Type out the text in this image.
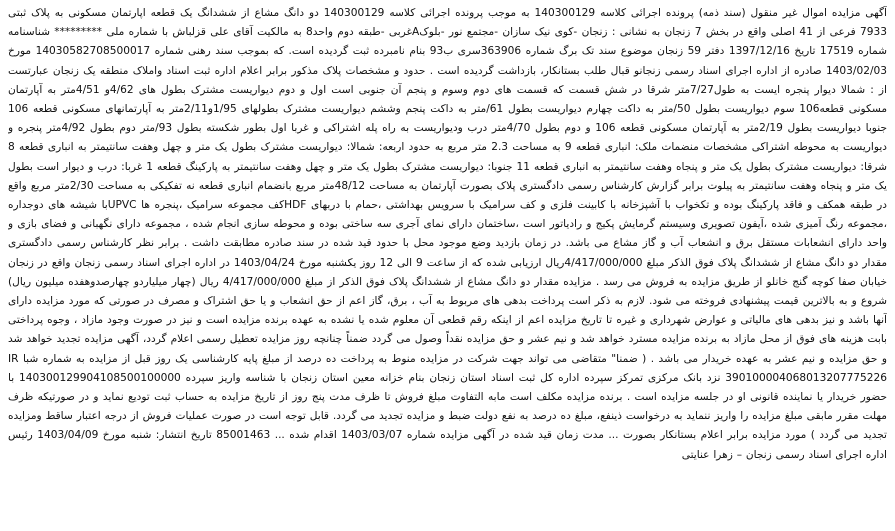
آگهی مزایده اموال غیر منقول (سند ذمه) پرونده اجرائی کلاسه 140300129 به موجب پرونده اجرائی کلاسه 140300129 دو دانگ مشاع از ششدانگ یک قطعه اپارتمان مسکونی به پلاک ثبتی 7933 فرعی از 41 اصلی واقع در بخش 7 زنجان به نشانی : زنجان -کوی نیک سازان -مجتمع نور -بلوکAغربی -طبقه دوم واحد8 به مالکیت آقای علی قزلباش با شماره ملی ********* شناسنامه شماره 17519 تاریخ 1397/12/16 دفتر 59 زنجان موضوع سند تک برگ شماره 363906سری ب93 بنام نامبرده ثبت گردیده است. که بموجب سند رهنی شماره 14030582708500017 مورخ 1403/02/03 صادره از اداره اجرای اسناد رسمی زنجانو قبال طلب بستانکار، بازداشت گردیده است . حدود و مشخصات پلاک مذکور برابر اعلام اداره ثبت اسناد واملاک منطقه یک زنجان عبارتست از : شمالا دیوار پنجره ایست به طول7/27متر شرقا در شش قسمت که قسمت های دوم وسوم و پنجم آن جنوبی است اول و دوم دیواریست مشترک بطول های 4/62و 4/51متر به آپارتمان مسکونی قطعه106 سوم دیواریست بطول 50/متر به داکت چهارم دیواریست بطول 61/متر به داکت پنجم وششم دیواریست مشترک بطولهای 1/95و2/11متر به آپارتمانهای مسکونی قطعه 106 جنوبا دیواریست بطول 2/19متر به آپارتمان مسکونی قطعه 106 و دوم بطول 4/70متر درب ودیواریست به راه پله اشتراکی و غربا اول بطور شکسته بطول 93/متر دوم بطول 4/92متر پنجره و دیواریست به محوطه اشتراکی مشخصات منضمات ملک: انباری قطعه 9 به مساحت 2.3 متر مربع به حدود اربعه: شمالا: دیواریست مشترک بطول یک متر و چهل وهفت سانتیمتر به انباری قطعه 8 شرقا: دیواریست مشترک بطول یک متر و پنجاه وهفت سانتیمتر به انباری قطعه 11 جنوبا: دیواریست مشترک بطول یک متر و چهل وهفت سانتیمتر به پارکینگ قطعه 1 غربا: درب و دیوار است بطول یک متر و پنجاه وهفت سانتیمتر به پیلوت برابر گزارش کارشناس رسمی دادگستری پلاک بصورت آپارتمان به مساحت 48/12متر مربع بانضمام انباری قطعه نه تفکیکی به مساحت 2/30متر مربع واقع در طبقه همکف و فاقد پارکینگ بوده و تکخواب با آشپزخانه با کابینت فلزی و کف سرامیک با سرویس بهداشتی ،حمام با دربهای HDFکف مجموعه سرامیک ،پنجره ها UPVCبا شیشه های دوجداره ،مجموعه رنگ آمیزی شده ،آیفون تصویری وسیستم گرمایش پکیج و رادیاتور است ،ساختمان دارای نمای آجری سه ساختی بوده و محوطه سازی انجام شده ، مجموعه دارای نگهبانی و فضای بازی و واحد دارای انشعابات مستقل برق و انشعاب آب و گاز مشاع می باشد. در زمان بازدید وضع موجود محل با حدود قید شده در سند صادره مطابقت داشت . برابر نظر کارشناس رسمی دادگستری مقدار دو دانگ مشاع از ششدانگ پلاک فوق الذکر مبلغ 4/417/000/000ریال ارزیابی شده که از ساعت 9 الی 12 روز یکشنبه مورخ 1403/04/24 در اداره اجرای اسناد رسمی زنجان واقع در زنجان خیابان صفا کوچه گنج خانلو از طریق مزایده به فروش می رسد . مزایده مقدار دو دانگ مشاع از ششدانگ پلاک فوق الذکر از مبلغ 4/417/000/000 ریال (چهار میلیاردو چهارصدوهفده میلیون ریال) شروع و به بالاترین قیمت پیشنهادی فروخته می شود. لازم به ذکر است پرداخت بدهی های مربوط به آب ، برق، گاز اعم از حق انشعاب و یا حق اشتراک و مصرف در صورتی که مورد مزایده دارای آنها باشد و نیز بدهی های مالیاتی و عوارض شهرداری و غیره تا تاریخ مزایده اعم از اینکه رقم قطعی آن معلوم شده یا نشده به عهده برنده مزایده است و نیز در صورت وجود مازاد ، وجوه پرداختی بابت هزینه های فوق از محل مازاد به برنده مزایده مسترد خواهد شد و نیم عشر و حق مزایده نقداً وصول می گردد ضمناً چنانچه روز مزایده تعطیل رسمی اعلام گردد، آگهی مزایده تجدید خواهد شد و حق مزایده و نیم عشر به عهده خریدار می باشد . ( ضمنا" متقاضی می تواند جهت شرکت در مزایده منوط به پرداخت ده درصد از مبلغ پایه کارشناسی یک روز قبل از مزایده به شماره شبا IR 390100004068013207775226 نزد بانک مرکزی تمرکز سپرده اداره کل ثبت اسناد استان زنجان بنام خزانه معین استان زنجان با شناسه واریز سپرده 140300129904108500100000 با حضور خریدار یا نماینده قانونی او در جلسه مزایده است . برنده مزایده مکلف است مابه التفاوت مبلغ فروش تا ظرف مدت پنج روز از تاریخ مزایده به حساب ثبت تودیع نماید و در صورتیکه ظرف مهلت مقرر مابقی مبلغ مزایده را واریز ننماید به درخواست ذینفع، مبلغ ده درصد به نفع دولت ضبط و مزایده تجدید می گردد. قابل توجه است در صورت عملیات فروش از درجه اعتبار ساقط ومزایده تجدید می گردد ) مورد مزایده برابر اعلام بستانکار بصورت ... مدت زمان قید شده در آگهی مزایده شماره 1403/03/07 اقدام شده ... 85001463 تاریخ انتشار: شنبه مورخ 1403/04/09 رئیس اداره اجرای اسناد رسمی زنجان – زهرا عنایتی
